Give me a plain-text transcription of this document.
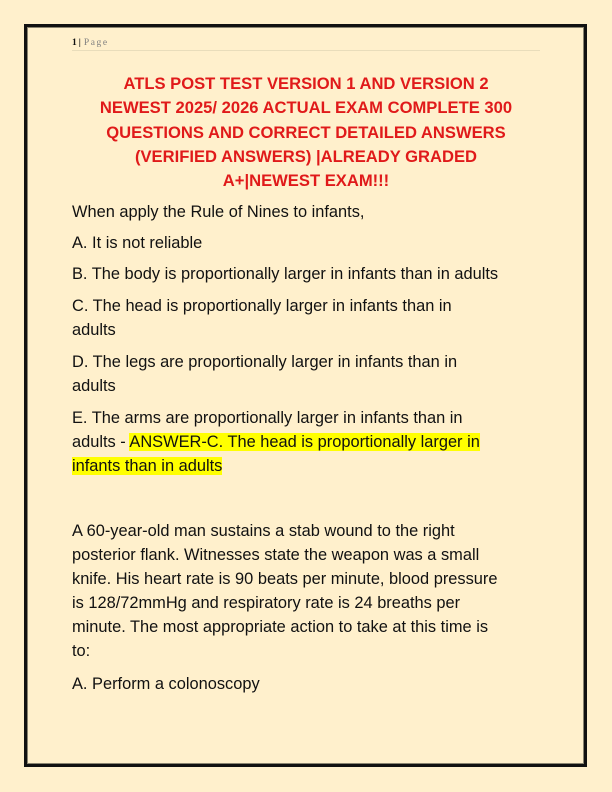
1 | Page
ATLS POST TEST VERSION 1 AND VERSION 2
NEWEST 2025/ 2026 ACTUAL EXAM COMPLETE 300
QUESTIONS AND CORRECT DETAILED ANSWERS
(VERIFIED ANSWERS) |ALREADY GRADED
A+|NEWEST EXAM!!!
When apply the Rule of Nines to infants,
A. It is not reliable
B. The body is proportionally larger in infants than in adults
C. The head is proportionally larger in infants than in
adults
D. The legs are proportionally larger in infants than in
adults
E. The arms are proportionally larger in infants than in
adults - ANSWER-C. The head is proportionally larger in
infants than in adults
A 60-year-old man sustains a stab wound to the right
posterior flank. Witnesses state the weapon was a small
knife. His heart rate is 90 beats per minute, blood pressure
is 128/72mmHg and respiratory rate is 24 breaths per
minute. The most appropriate action to take at this time is
to:
A. Perform a colonoscopy
